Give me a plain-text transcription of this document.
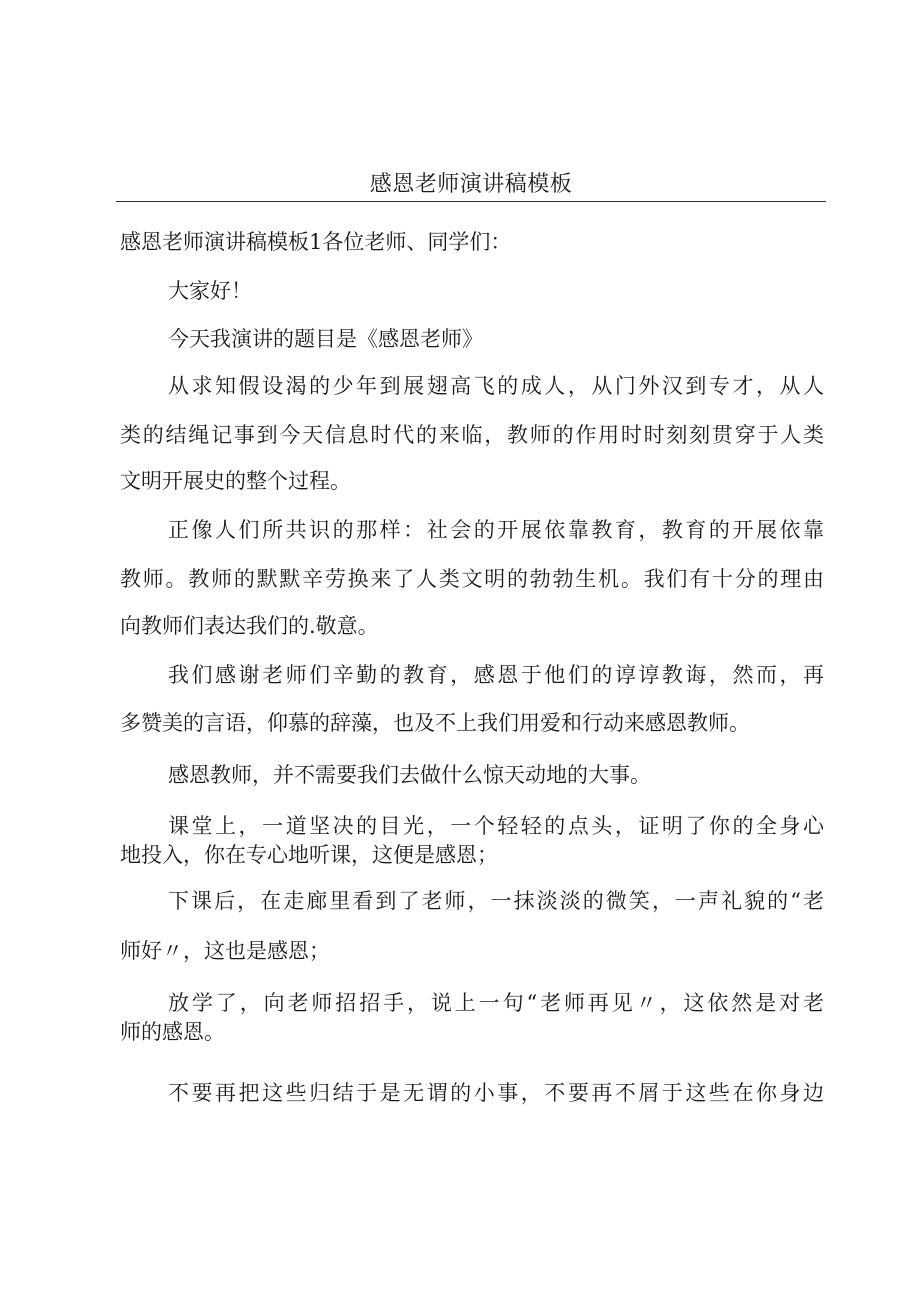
感恩老师演讲稿模板
感恩老师演讲稿模板1各位老师、同学们：
大家好！
今天我演讲的题目是《感恩老师》
从求知假设渴的少年到展翅高飞的成人，从门外汉到专才，从人
类的结绳记事到今天信息时代的来临，教师的作用时时刻刻贯穿于人类
文明开展史的整个过程。
正像人们所共识的那样：社会的开展依靠教育，教育的开展依靠
教师。教师的默默辛劳换来了人类文明的勃勃生机。我们有十分的理由
向教师们表达我们的.敬意。
我们感谢老师们辛勤的教育，感恩于他们的谆谆教诲，然而，再
多赞美的言语，仰慕的辞藻，也及不上我们用爱和行动来感恩教师。
感恩教师，并不需要我们去做什么惊天动地的大事。
课堂上，一道坚决的目光，一个轻轻的点头，证明了你的全身心
地投入，你在专心地听课，这便是感恩；
下课后，在走廊里看到了老师，一抹淡淡的微笑，一声礼貌的“老
师好〃，这也是感恩；
放学了，向老师招招手，说上一句“老师再见〃，这依然是对老
师的感恩。
不要再把这些归结于是无谓的小事，不要再不屑于这些在你身边
